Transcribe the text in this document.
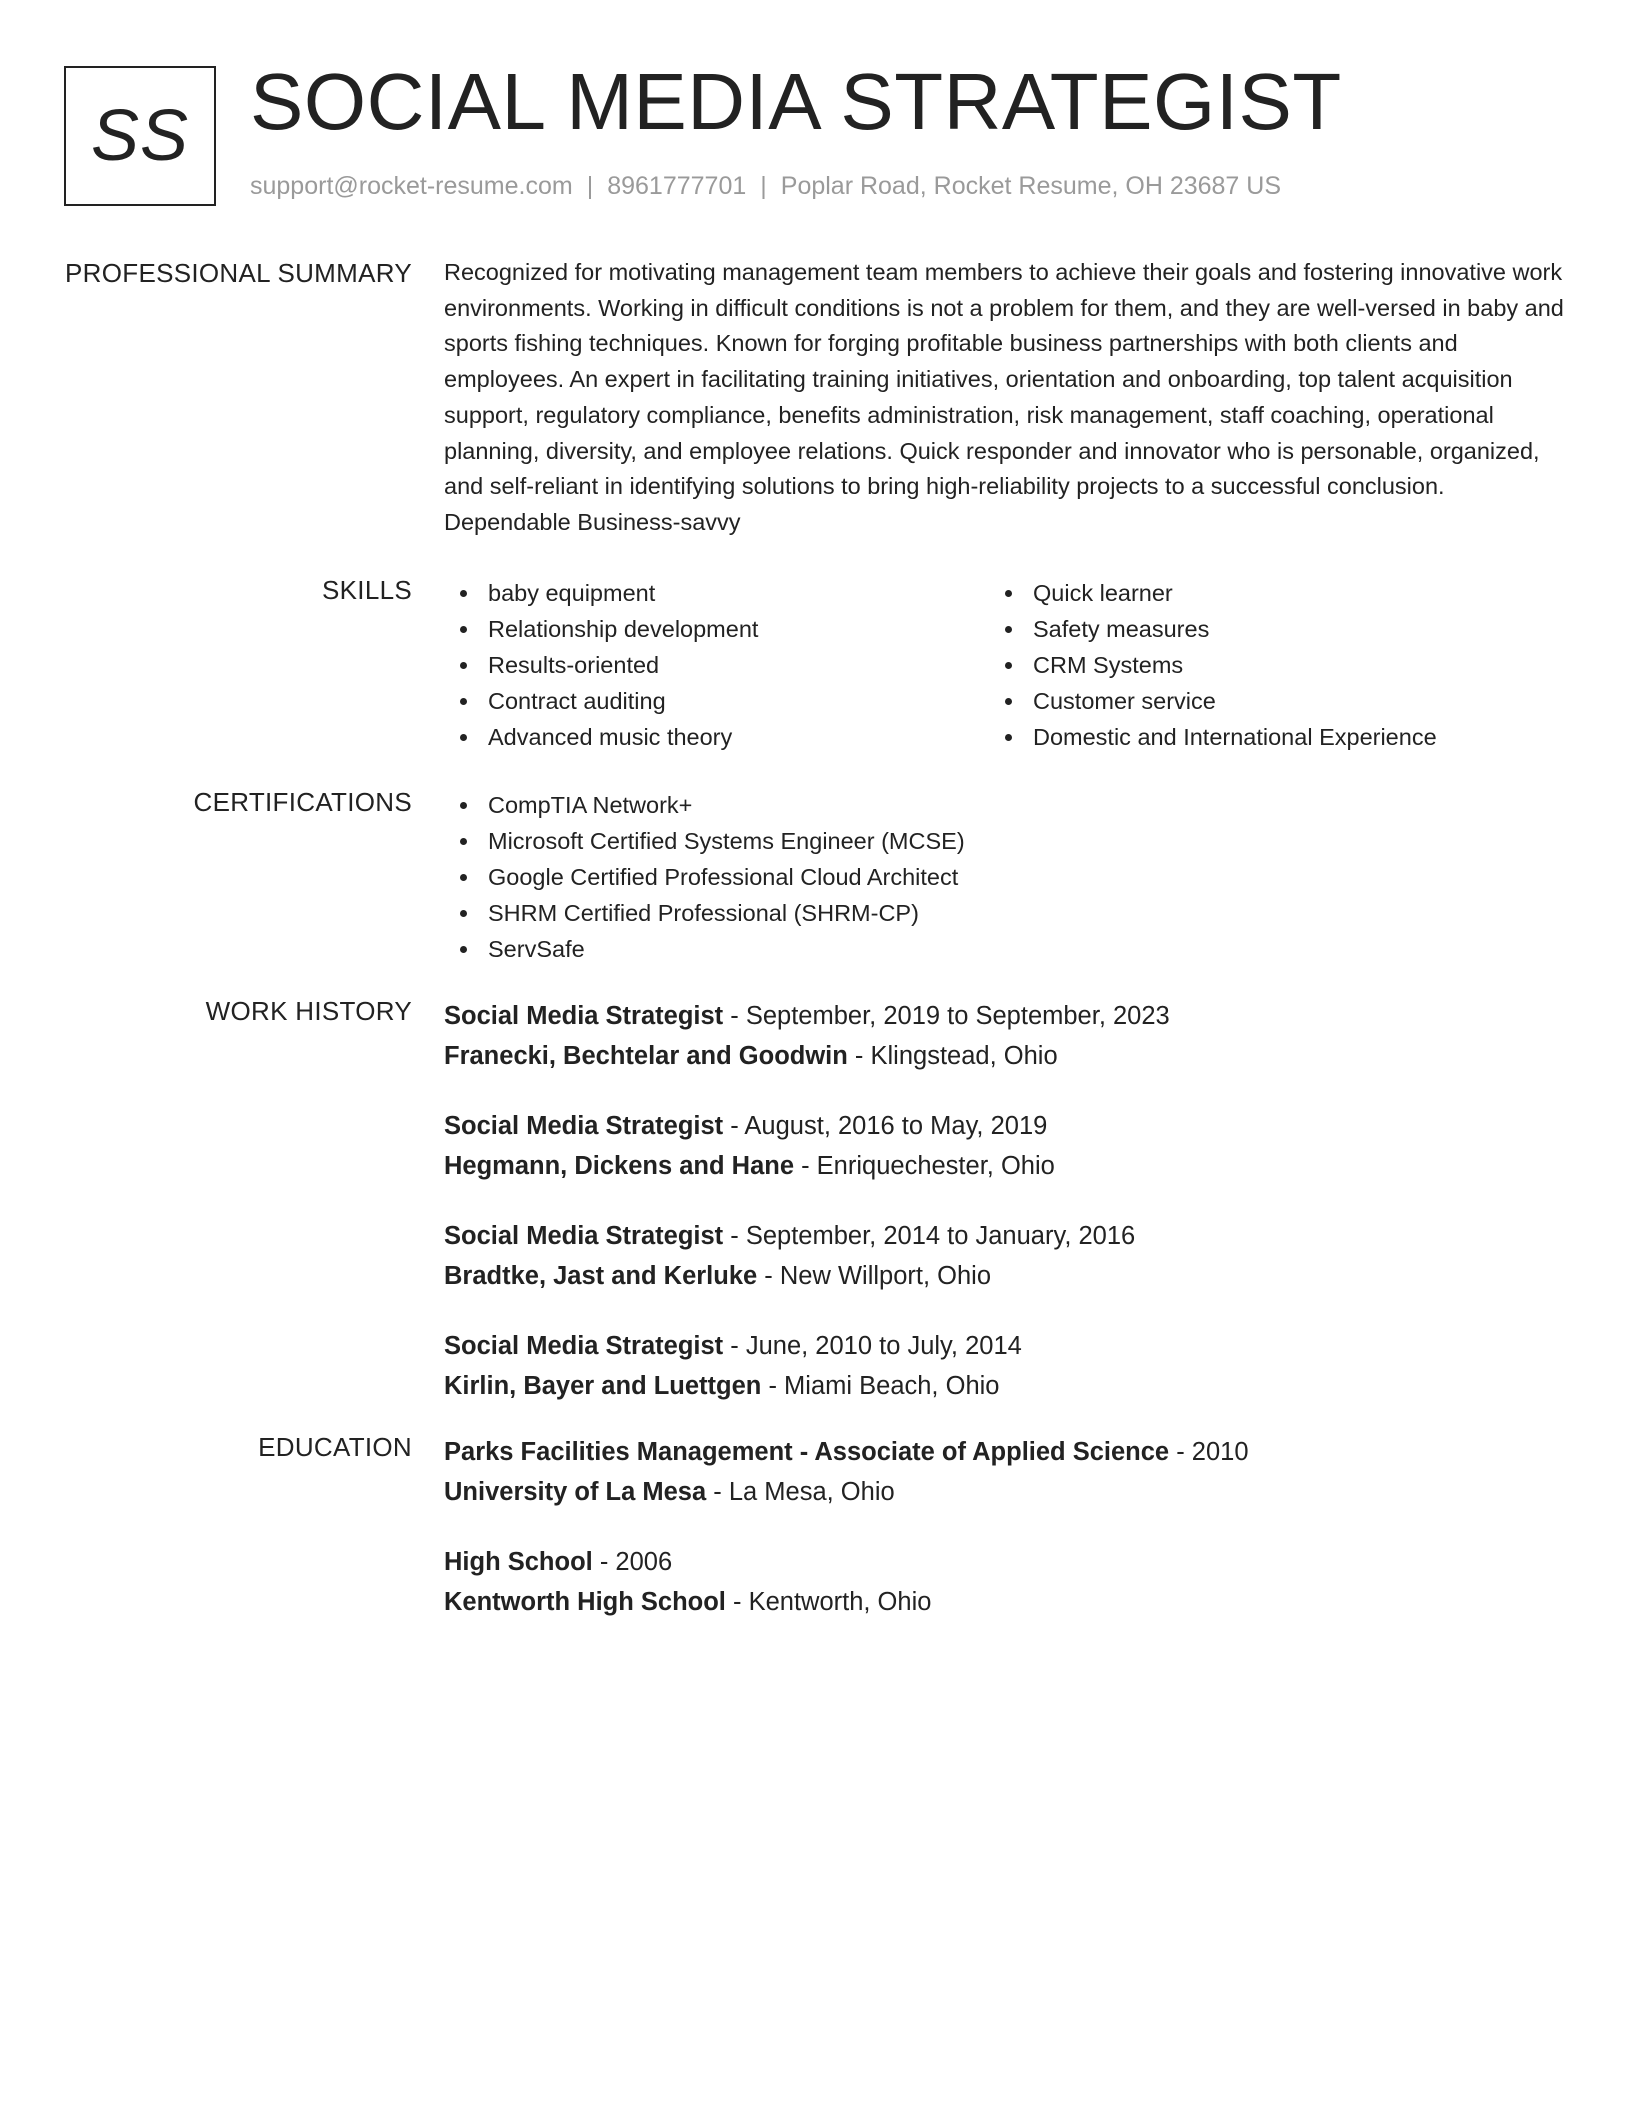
SS SOCIAL MEDIA STRATEGIST
support@rocket-resume.com | 8961777701 | Poplar Road, Rocket Resume, OH 23687 US
PROFESSIONAL SUMMARY Recognized for motivating management team members to achieve their goals and fostering innovative work environments. Working in difficult conditions is not a problem for them, and they are well-versed in baby and sports fishing techniques. Known for forging profitable business partnerships with both clients and employees. An expert in facilitating training initiatives, orientation and onboarding, top talent acquisition support, regulatory compliance, benefits administration, risk management, staff coaching, operational planning, diversity, and employee relations. Quick responder and innovator who is personable, organized, and self-reliant in identifying solutions to bring high-reliability projects to a successful conclusion. Dependable Business-savvy

SKILLS	baby equipment
Relationship development
Results-oriented
Contract auditing
Advanced music theory
Quick learner
Safety measures
CRM Systems
Customer service
Domestic and International Experience
CERTIFICATIONS	CompTIA Network+
Microsoft Certified Systems Engineer (MCSE)
Google Certified Professional Cloud Architect
SHRM Certified Professional (SHRM-CP)
ServSafe
WORK HISTORY Social Media Strategist - September, 2019 to September, 2023
Franecki, Bechtelar and Goodwin - Klingstead, Ohio
Social Media Strategist - August, 2016 to May, 2019
Hegmann, Dickens and Hane - Enriquechester, Ohio
Social Media Strategist - September, 2014 to January, 2016
Bradtke, Jast and Kerluke - New Willport, Ohio
Social Media Strategist - June, 2010 to July, 2014
Kirlin, Bayer and Luettgen - Miami Beach, Ohio
EDUCATION Parks Facilities Management - Associate of Applied Science - 2010
University of La Mesa - La Mesa, Ohio
High School - 2006
Kentworth High School - Kentworth, Ohio
